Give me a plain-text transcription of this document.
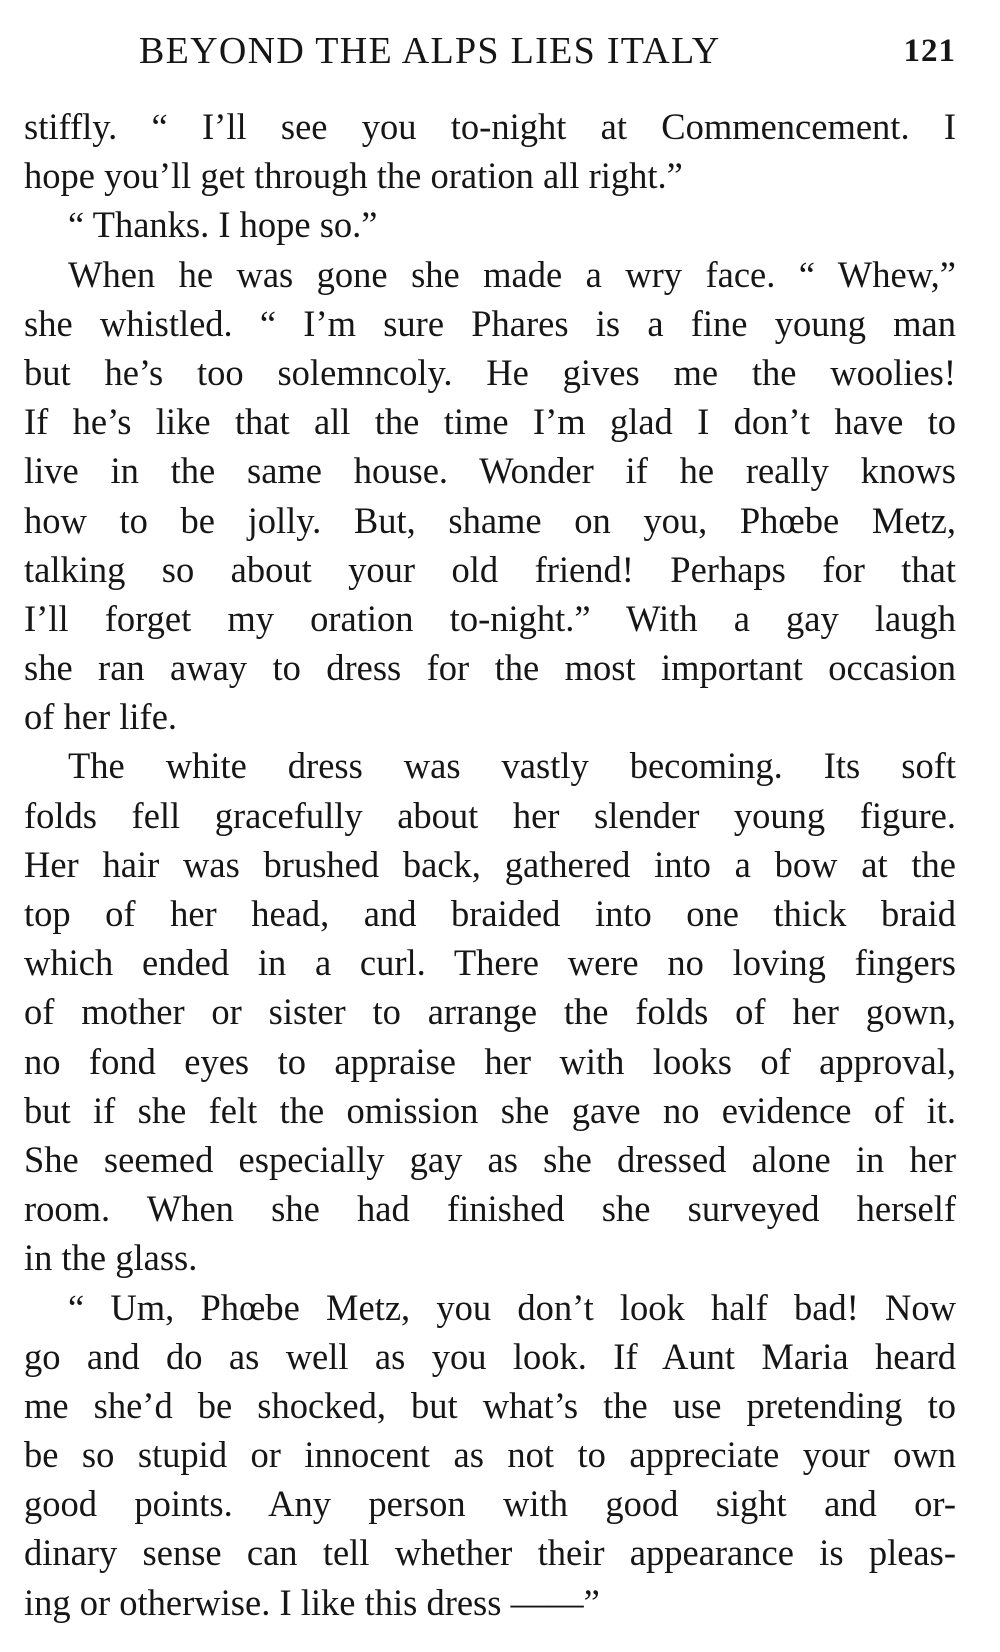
BEYOND THE ALPS LIES ITALY	121
stiffly. “ I’ll see you to-night at Commencement. I
hope you’ll get through the oration all right.”
“ Thanks. I hope so.”
When he was gone she made a wry face. “ Whew,”
she whistled. “ I’m sure Phares is a fine young man
but he’s too solemncoly. He gives me the woolies!
If he’s like that all the time I’m glad I don’t have to
live in the same house. Wonder if he really knows
how to be jolly. But, shame on you, Phœbe Metz,
talking so about your old friend! Perhaps for that
I’ll forget my oration to-night.” With a gay laugh
she ran away to dress for the most important occasion
of her life.
The white dress was vastly becoming. Its soft
folds fell gracefully about her slender young figure.
Her hair was brushed back, gathered into a bow at the
top of her head, and braided into one thick braid
which ended in a curl. There were no loving fingers
of mother or sister to arrange the folds of her gown,
no fond eyes to appraise her with looks of approval,
but if she felt the omission she gave no evidence of it.
She seemed especially gay as she dressed alone in her
room. When she had finished she surveyed herself
in the glass.
“ Um, Phœbe Metz, you don’t look half bad! Now
go and do as well as you look. If Aunt Maria heard
me she’d be shocked, but what’s the use pretending to
be so stupid or innocent as not to appreciate your own
good points. Any person with good sight and or-
dinary sense can tell whether their appearance is pleas-
ing or otherwise. I like this dress ——”
